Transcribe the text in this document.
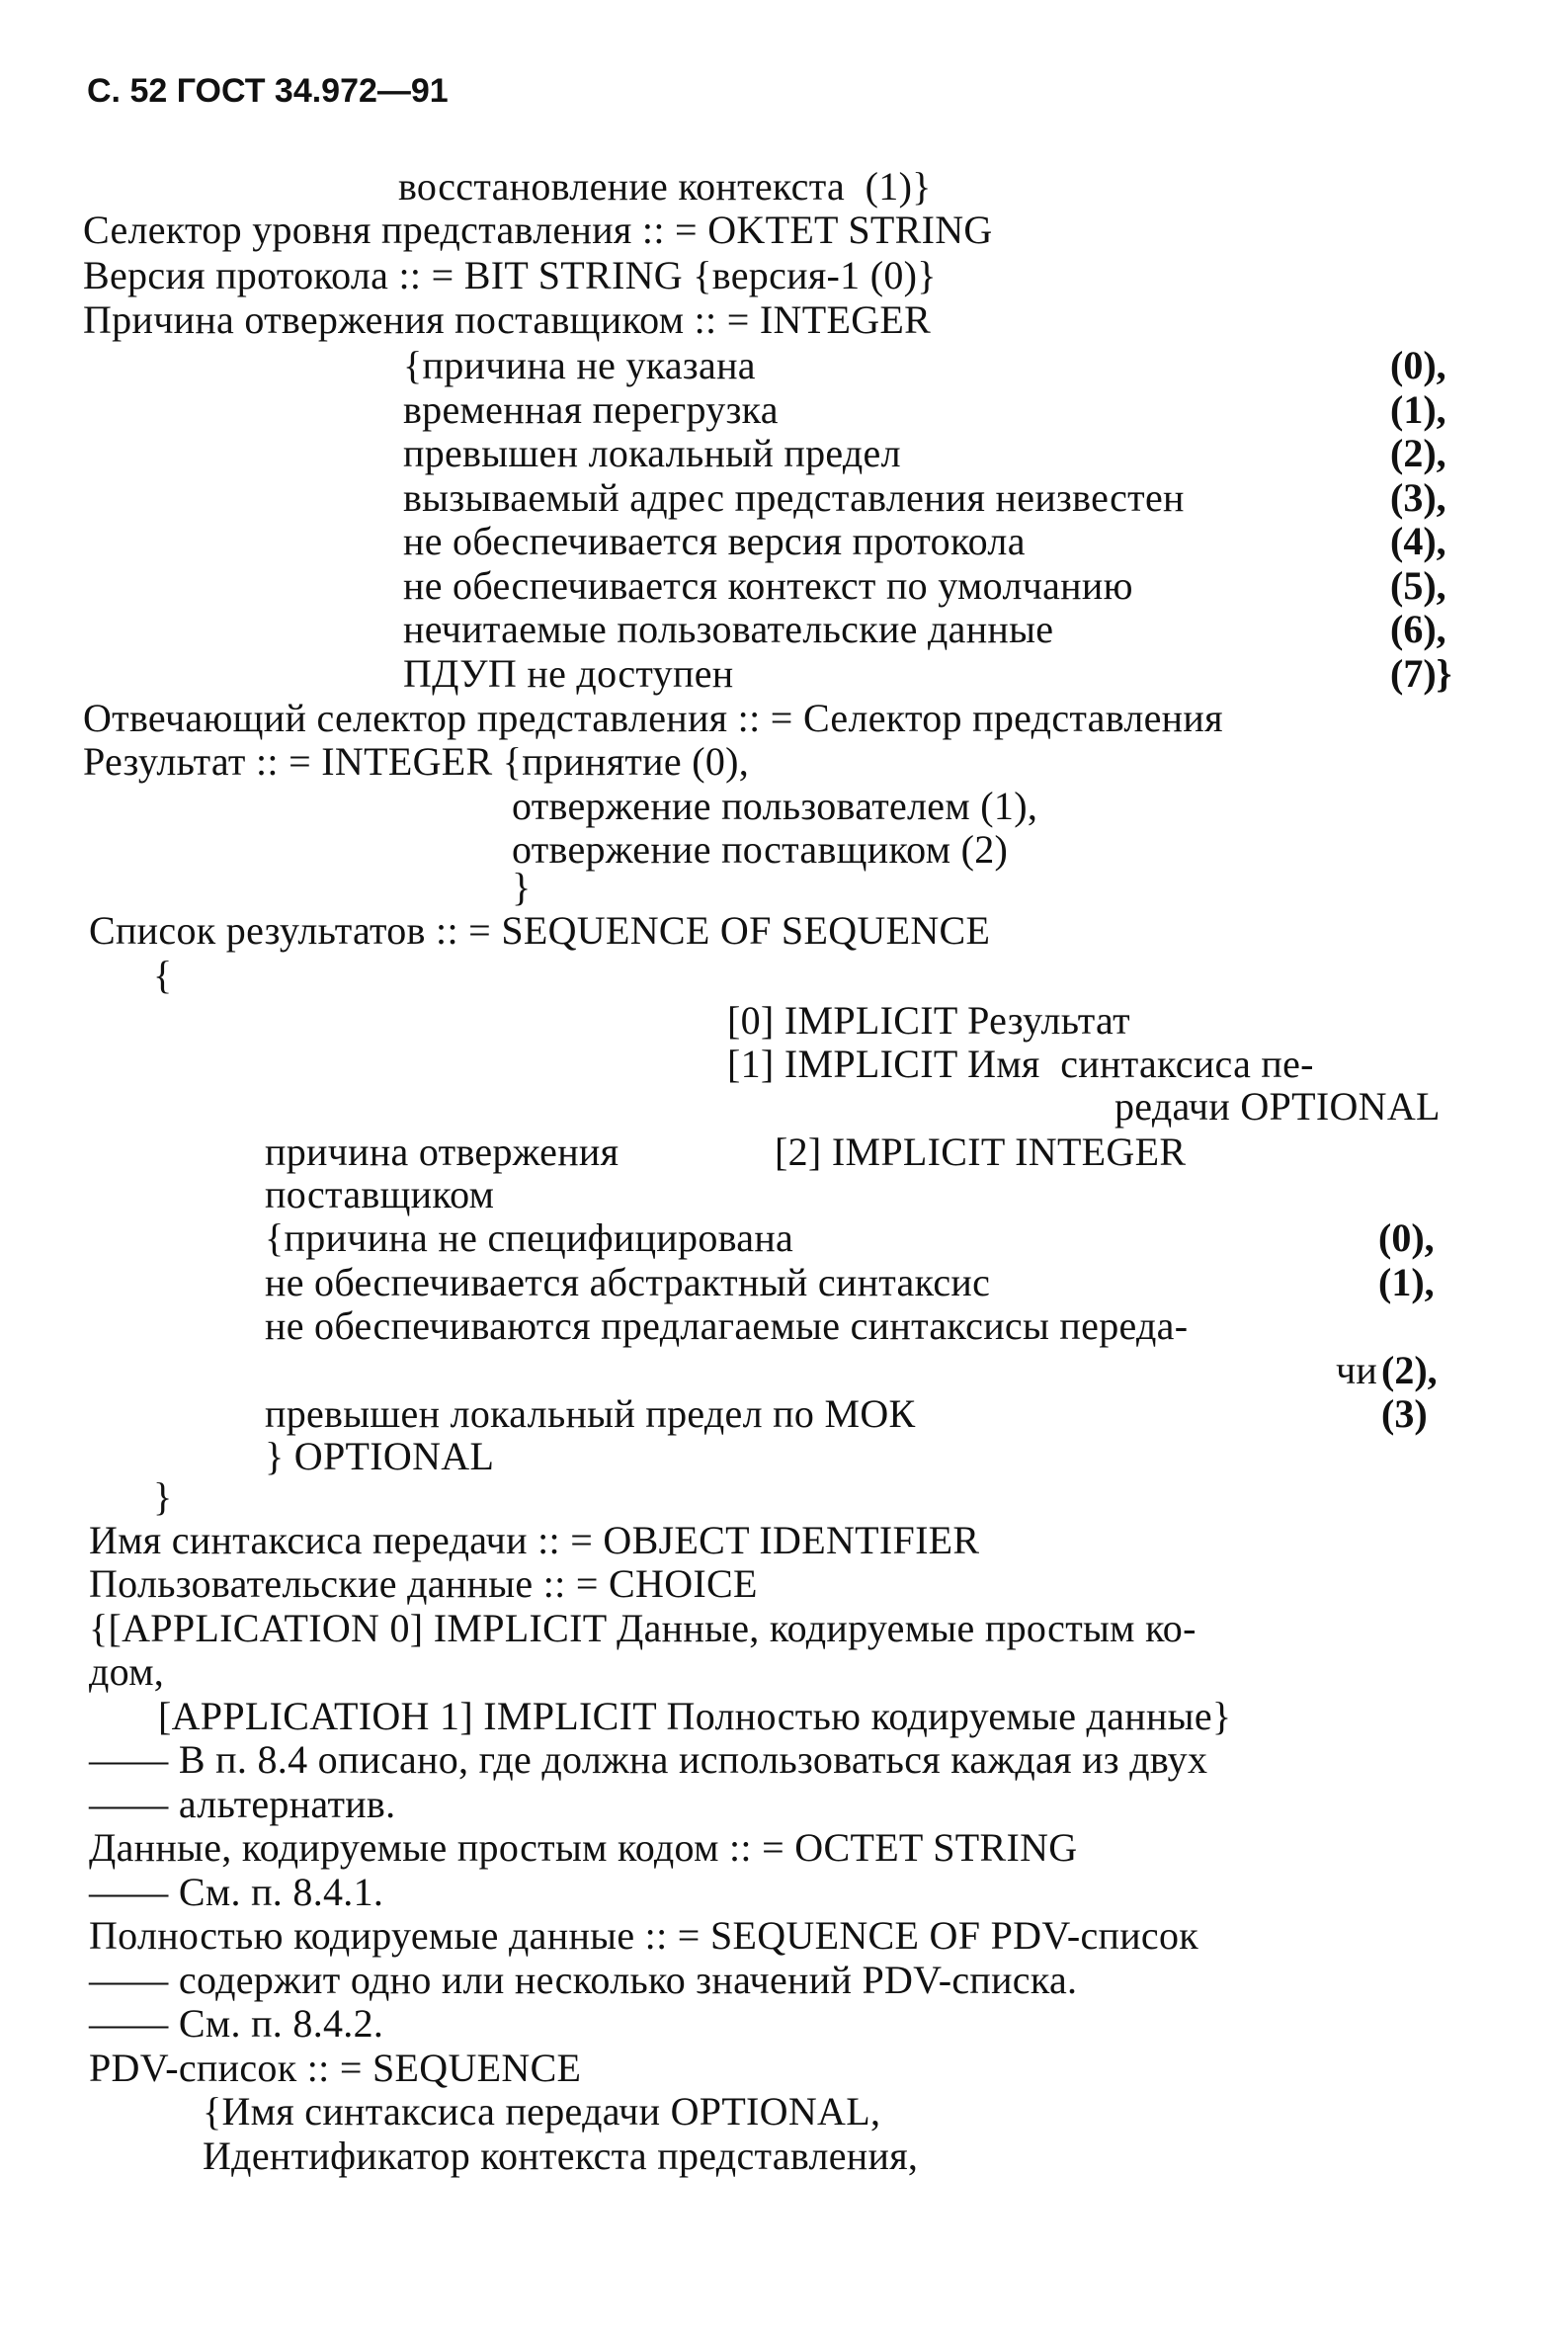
С. 52 ГОСТ 34.972—91
восстановление контекста  (1)}
Селектор уровня представления :: = OKTET STRING
Версия протокола :: = BIT STRING {версия-1 (0)}
Причина отвержения поставщиком :: = INTEGER
{причина не указана	(0),
временная перегрузка	(1),
превышен локальный предел	(2),
вызываемый адрес представления неизвестен	(3),
не обеспечивается версия протокола	(4),
не обеспечивается контекст по умолчанию	(5),
нечитаемые пользовательские данные	(6),
ПДУП не доступен	(7)}
Отвечающий селектор представления :: = Селектор представления
Результат :: = INTEGER {принятие (0),
отвержение пользователем (1),
отвержение поставщиком (2)
}
Список результатов :: = SEQUENCE OF SEQUENCE
{
[0] IMPLICIT Результат
[1] IMPLICIT Имя  синтаксиса пе-
редачи OPTIONAL
причина отвержения	[2] IMPLICIT INTEGER
поставщиком
{причина не специфицирована	(0),
не обеспечивается абстрактный синтаксис	(1),
не обеспечиваются предлагаемые синтаксисы переда-
чи (2),
превышен локальный предел по МОК	(3)
} OPTIONAL
}
Имя синтаксиса передачи :: = OBJECT IDENTIFIER
Пользовательские данные :: = CHOICE
{[APPLICATION 0] IMPLICIT Данные, кодируемые простым ко-
дом,
[APPLICATIOH 1] IMPLICIT Полностью кодируемые данные}
—— В п. 8.4 описано, где должна использоваться каждая из двух
—— альтернатив.
Данные, кодируемые простым кодом :: = OCTET STRING
—— См. п. 8.4.1.
Полностью кодируемые данные :: = SEQUENCE OF PDV-список
—— содержит одно или несколько значений PDV-списка.
—— См. п. 8.4.2.
PDV-список :: = SEQUENCE
{Имя синтаксиса передачи OPTIONAL,
Идентификатор контекста представления,
